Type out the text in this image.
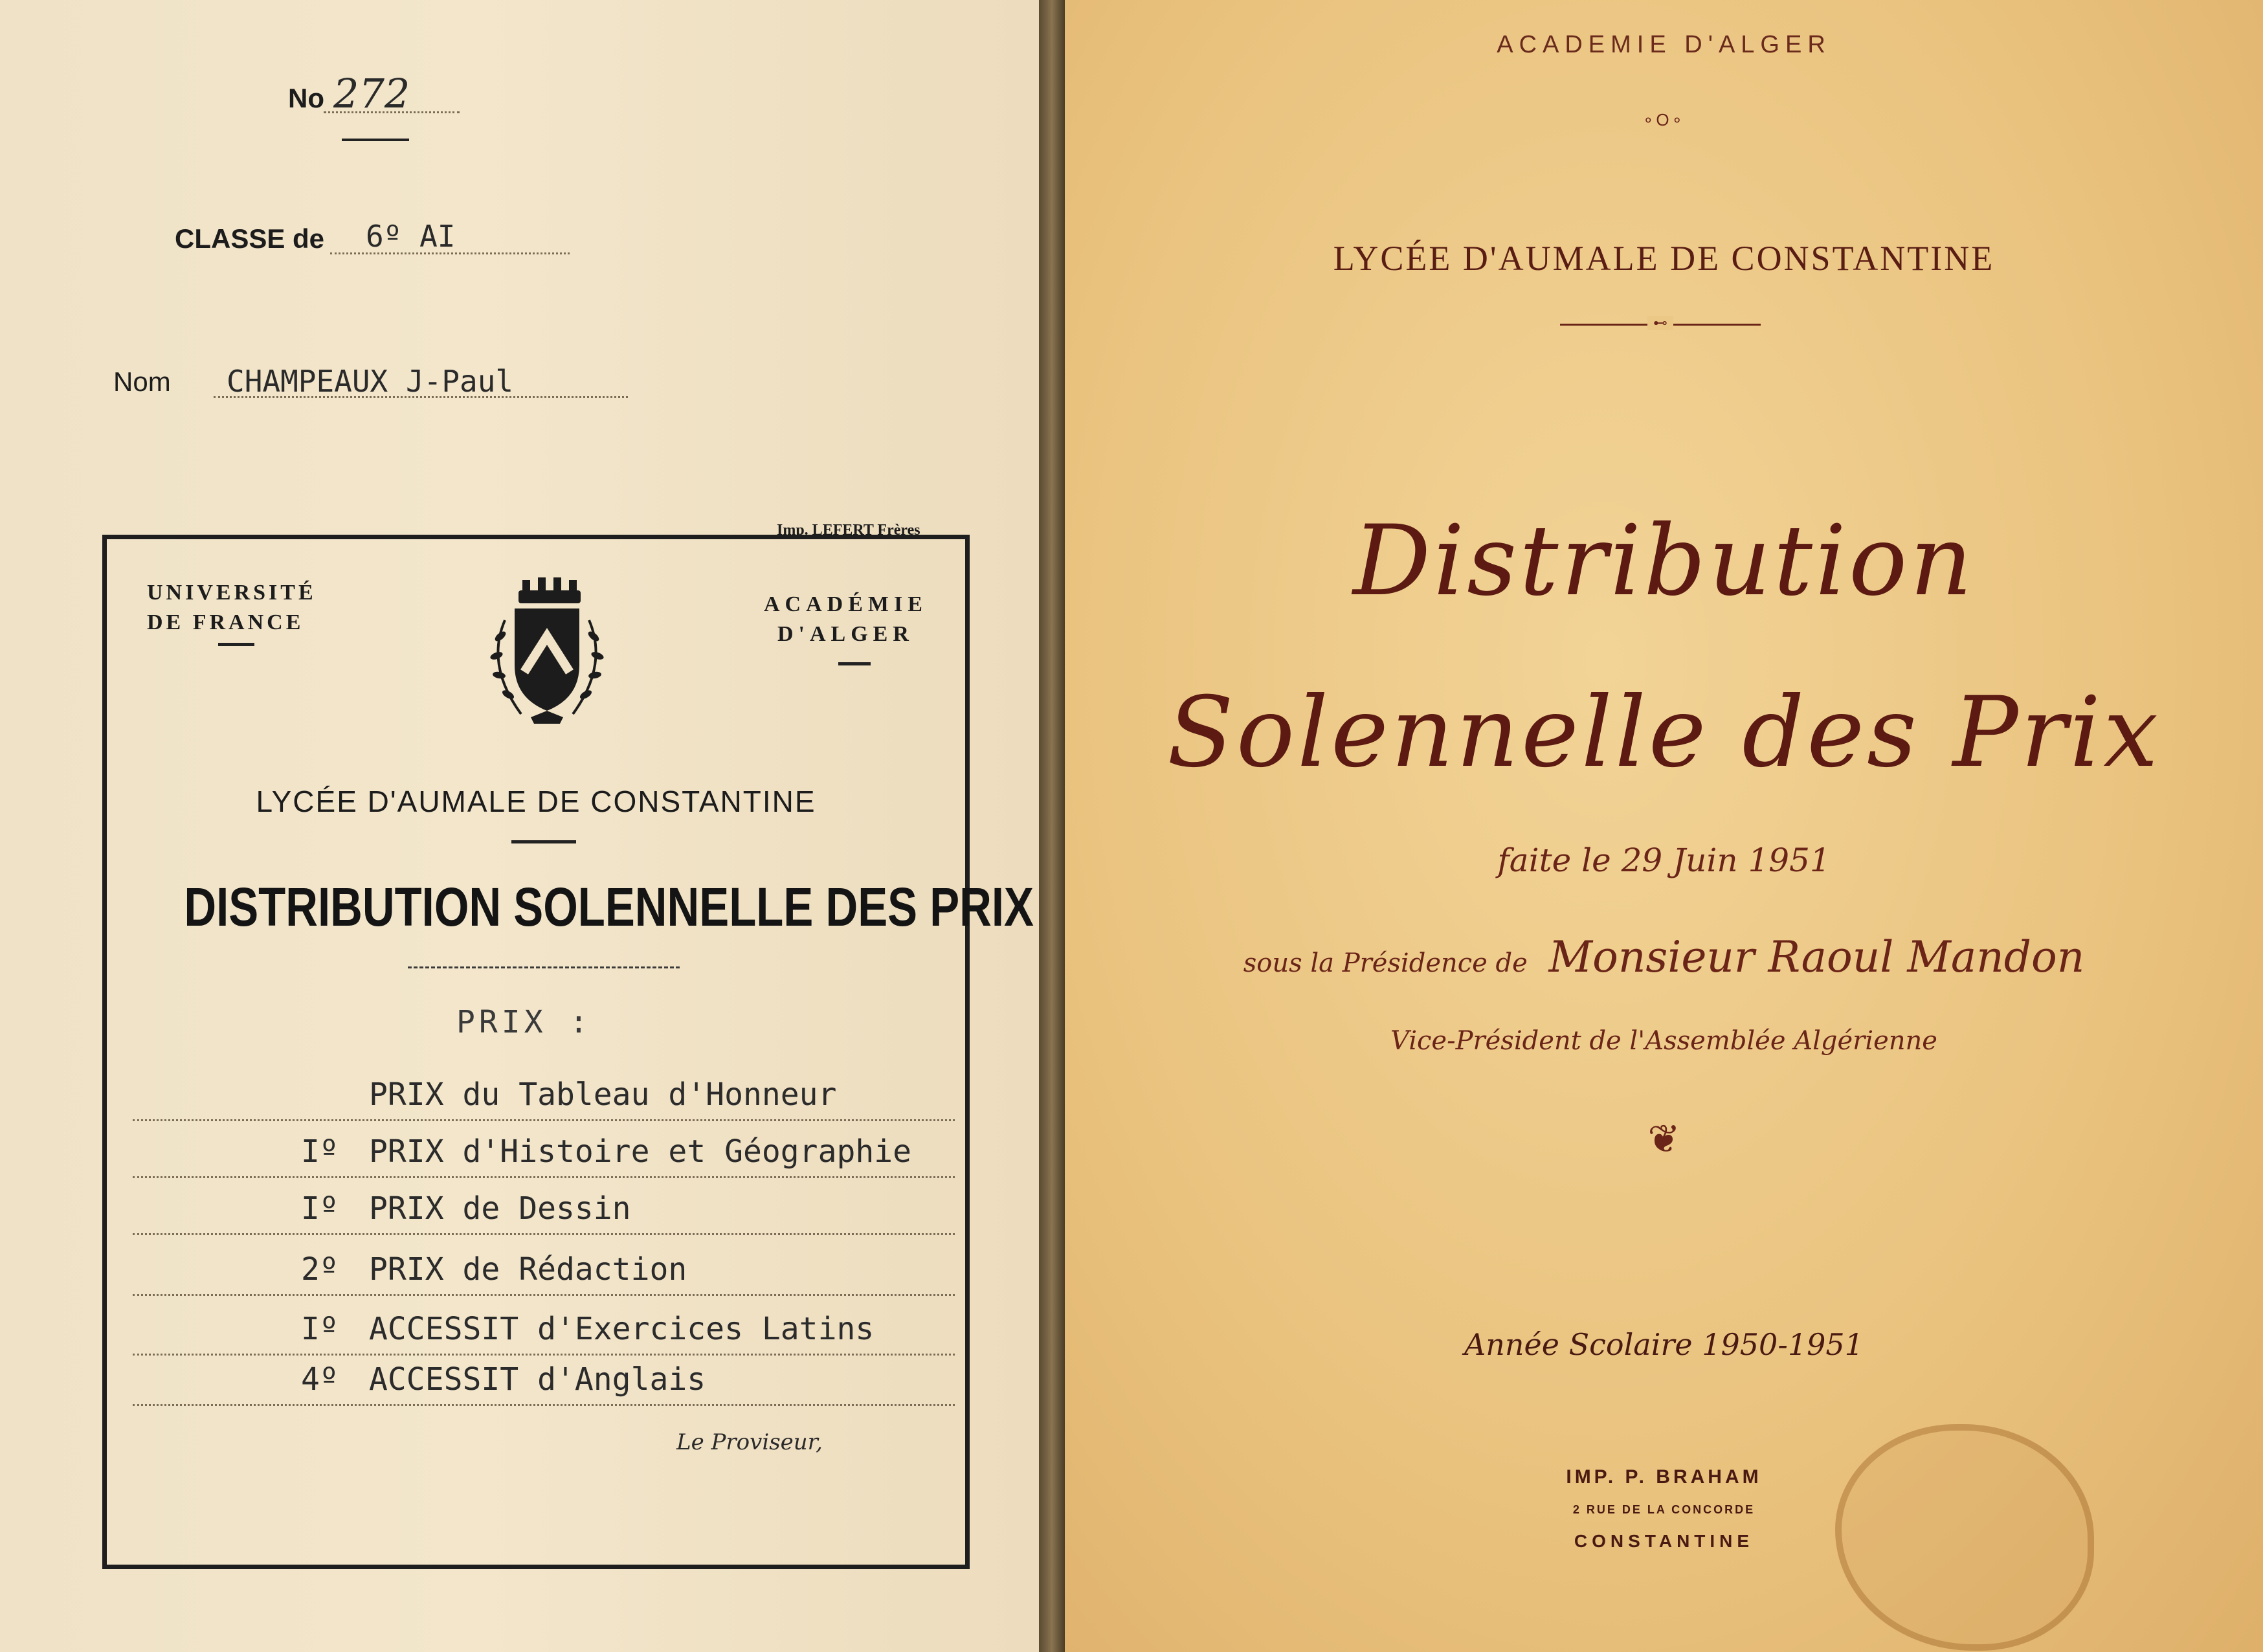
No 272
CLASSE de 6º AI
Nom CHAMPEAUX J-Paul
Imp. LEFERT Frères
UNIVERSITÉ
DE FRANCE
ACADÉMIE
D'ALGER
LYCÉE D'AUMALE DE CONSTANTINE
DISTRIBUTION SOLENNELLE DES PRIX
PRIX :
PRIX du Tableau d'Honneur
Iº PRIX d'Histoire et Géographie
Iº PRIX de Dessin
2º PRIX de Rédaction
Iº ACCESSIT d'Exercices Latins
4º ACCESSIT d'Anglais
Le Proviseur,
ACADEMIE D'ALGER
∘O∘
LYCÉE D'AUMALE DE CONSTANTINE
⊷
Distribution
Solennelle des Prix
faite le 29 Juin 1951
sous la Présidence de Monsieur Raoul Mandon
Vice-Président de l'Assemblée Algérienne
❦
Année Scolaire 1950-1951
IMP. P. BRAHAM
2 RUE DE LA CONCORDE
CONSTANTINE
